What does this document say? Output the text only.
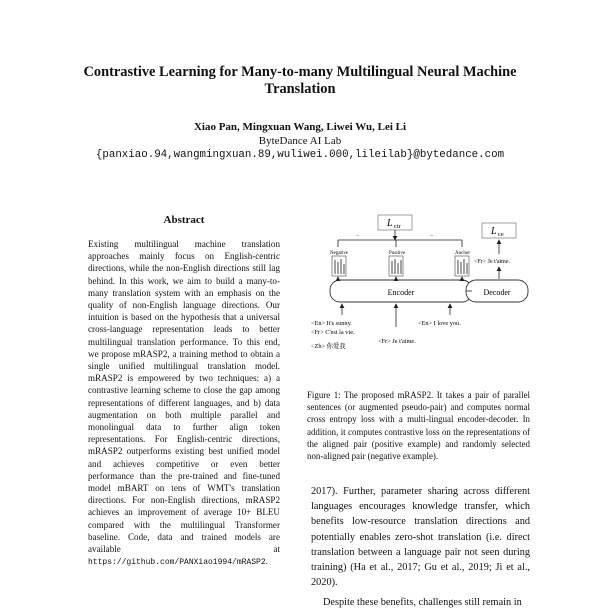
Contrastive Learning for Many-to-many Multilingual Neural Machine Translation
Xiao Pan, Mingxuan Wang, Liwei Wu, Lei Li
ByteDance AI Lab
{panxiao.94,wangmingxuan.89,wuliwei.000,lileilab}@bytedance.com
Abstract
Existing multilingual machine translation approaches mainly focus on English-centric directions, while the non-English directions still lag behind. In this work, we aim to build a many-to-many translation system with an emphasis on the quality of non-English language directions. Our intuition is based on the hypothesis that a universal cross-language representation leads to better multilingual translation performance. To this end, we propose mRASP2, a training method to obtain a single unified multilingual translation model. mRASP2 is empowered by two techniques: a) a contrastive learning scheme to close the gap among representations of different languages, and b) data augmentation on both multiple parallel and monolingual data to further align token representations. For English-centric directions, mRASP2 outperforms existing best unified model and achieves competitive or even better performance than the pre-trained and fine-tuned model mBART on tens of WMT's translation directions. For non-English directions, mRASP2 achieves an improvement of average 10+ BLEU compared with the multilingual Transformer baseline. Code, data and trained models are available at https://github.com/PANXiao1994/mRASP2.
L ctr
−	−
Negative	Positive	Anchor
Encoder	Decoder
L ce
<Fr> Je t'aime.
<En> It's sunny.
<Fr> C'est la vie.
<Zh> 你爱我
<Fr> Je t'aime.
<En> I love you.
Figure 1: The proposed mRASP2. It takes a pair of parallel sentences (or augmented pseudo-pair) and computes normal cross entropy loss with a multi-lingual encoder-decoder. In addition, it computes contrastive loss on the representations of the aligned pair (positive example) and randomly selected non-aligned pair (negative example).

2017). Further, parameter sharing across different languages encourages knowledge transfer, which benefits low-resource translation directions and potentially enables zero-shot translation (i.e. direct translation between a language pair not seen during training) (Ha et al., 2017; Gu et al., 2019; Ji et al., 2020).

Despite these benefits, challenges still remain in
